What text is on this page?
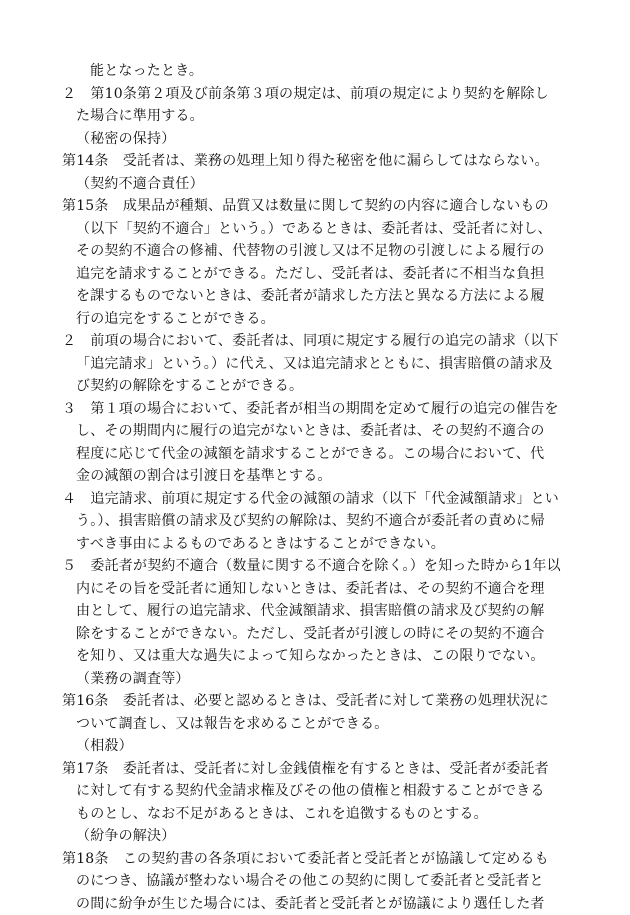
能となったとき。
２　第10条第２項及び前条第３項の規定は、前項の規定により契約を解除し
た場合に準用する。
（秘密の保持）
第14条　受託者は、業務の処理上知り得た秘密を他に漏らしてはならない。
（契約不適合責任）
第15条　成果品が種類、品質又は数量に関して契約の内容に適合しないもの
（以下「契約不適合」という。）であるときは、委託者は、受託者に対し、
その契約不適合の修補、代替物の引渡し又は不足物の引渡しによる履行の
追完を請求することができる。ただし、受託者は、委託者に不相当な負担
を課するものでないときは、委託者が請求した方法と異なる方法による履
行の追完をすることができる。
２　前項の場合において、委託者は、同項に規定する履行の追完の請求（以下
「追完請求」という。）に代え、又は追完請求とともに、損害賠償の請求及
び契約の解除をすることができる。
３　第１項の場合において、委託者が相当の期間を定めて履行の追完の催告を
し、その期間内に履行の追完がないときは、委託者は、その契約不適合の
程度に応じて代金の減額を請求することができる。この場合において、代
金の減額の割合は引渡日を基準とする。
４　追完請求、前項に規定する代金の減額の請求（以下「代金減額請求」とい
う。）、損害賠償の請求及び契約の解除は、契約不適合が委託者の責めに帰
すべき事由によるものであるときはすることができない。
５　委託者が契約不適合（数量に関する不適合を除く。）を知った時から1年以
内にその旨を受託者に通知しないときは、委託者は、その契約不適合を理
由として、履行の追完請求、代金減額請求、損害賠償の請求及び契約の解
除をすることができない。ただし、受託者が引渡しの時にその契約不適合
を知り、又は重大な過失によって知らなかったときは、この限りでない。
（業務の調査等）
第16条　委託者は、必要と認めるときは、受託者に対して業務の処理状況に
ついて調査し、又は報告を求めることができる。
（相殺）
第17条　委託者は、受託者に対し金銭債権を有するときは、受託者が委託者
に対して有する契約代金請求権及びその他の債権と相殺することができる
ものとし、なお不足があるときは、これを追徴するものとする。
（紛争の解決）
第18条　この契約書の各条項において委託者と受託者とが協議して定めるも
のにつき、協議が整わない場合その他この契約に関して委託者と受託者と
の間に紛争が生じた場合には、委託者と受託者とが協議により選任した者
